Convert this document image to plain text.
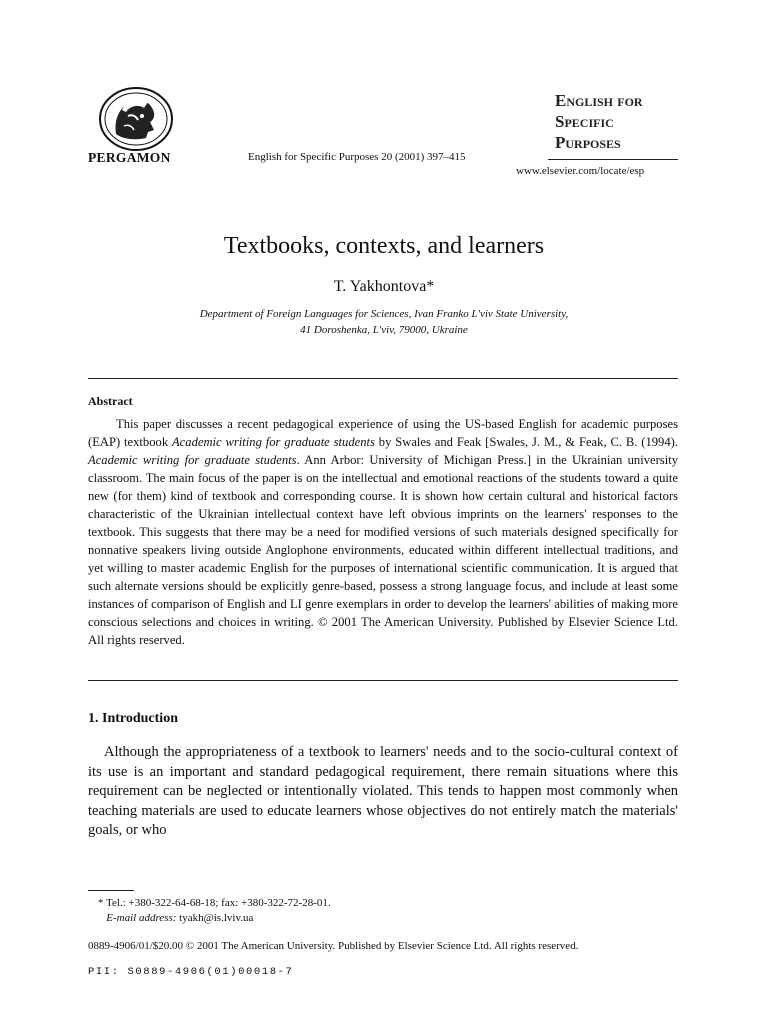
PERGAMON	English for Specific Purposes 20 (2001) 397–415
English for
Specific
Purposes
www.elsevier.com/locate/esp
Textbooks, contexts, and learners
T. Yakhontova*
Department of Foreign Languages for Sciences, Ivan Franko L'viv State University,
41 Doroshenka, L'viv, 79000, Ukraine
Abstract
This paper discusses a recent pedagogical experience of using the US-based English for academic purposes (EAP) textbook Academic writing for graduate students by Swales and Feak [Swales, J. M., & Feak, C. B. (1994). Academic writing for graduate students. Ann Arbor: University of Michigan Press.] in the Ukrainian university classroom. The main focus of the paper is on the intellectual and emotional reactions of the students toward a quite new (for them) kind of textbook and corresponding course. It is shown how certain cultural and historical factors characteristic of the Ukrainian intellectual context have left obvious imprints on the learners' responses to the textbook. This suggests that there may be a need for modified versions of such materials designed specifically for nonnative speakers living outside Anglophone environments, educated within different intellectual traditions, and yet willing to master academic English for the purposes of international scientific communication. It is argued that such alternate versions should be explicitly genre-based, possess a strong language focus, and include at least some instances of comparison of English and LI genre exemplars in order to develop the learners' abilities of making more conscious selections and choices in writing. © 2001 The American University. Published by Elsevier Science Ltd. All rights reserved.
1. Introduction
Although the appropriateness of a textbook to learners' needs and to the socio-cultural context of its use is an important and standard pedagogical requirement, there remain situations where this requirement can be neglected or intentionally violated. This tends to happen most commonly when teaching materials are used to educate learners whose objectives do not entirely match the materials' goals, or who
* Tel.: +380-322-64-68-18; fax: +380-322-72-28-01.
E-mail address: tyakh@is.lviv.ua
0889-4906/01/$20.00 © 2001 The American University. Published by Elsevier Science Ltd. All rights reserved.
PII: S0889-4906(01)00018-7
